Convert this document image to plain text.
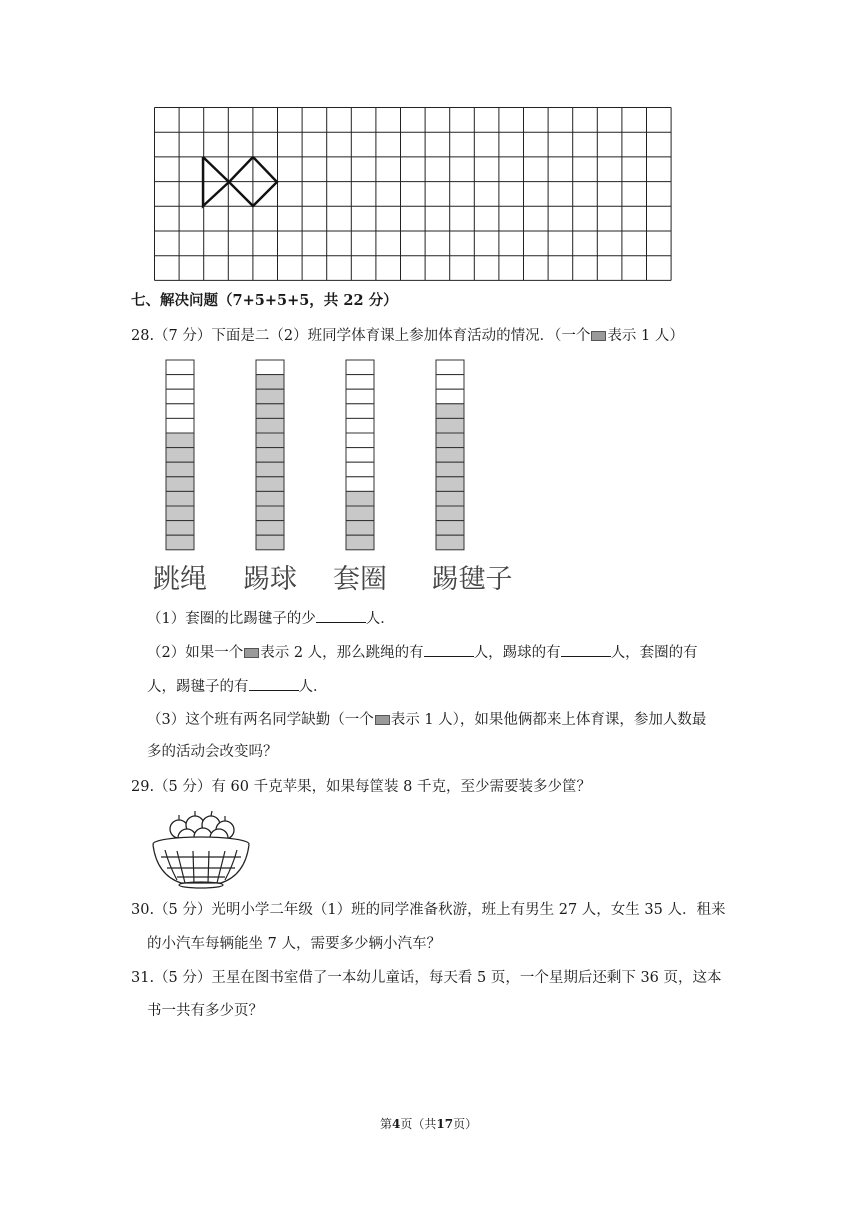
七、解决问题（7+5+5+5，共 22 分）
28.（7 分）下面是二（2）班同学体育课上参加体育活动的情况．（一个 表示 1 人）
跳绳 踢球 套圈 踢毽子
（1）套圈的比踢毽子的少	人．
（2）如果一个 表示 2 人，那么跳绳的有	人，踢球的有	人，套圈的有
人，踢毽子的有	人．
（3）这个班有两名同学缺勤（一个 表示 1 人），如果他俩都来上体育课，参加人数最
多的活动会改变吗？
29.（5 分）有 60 千克苹果，如果每筐装 8 千克，至少需要装多少筐？
30.（5 分）光明小学二年级（1）班的同学准备秋游，班上有男生 27 人，女生 35 人．租来
的小汽车每辆能坐 7 人，需要多少辆小汽车？
31.（5 分）王星在图书室借了一本幼儿童话，每天看 5 页，一个星期后还剩下 36 页，这本
书一共有多少页？
第4页（共17页）
